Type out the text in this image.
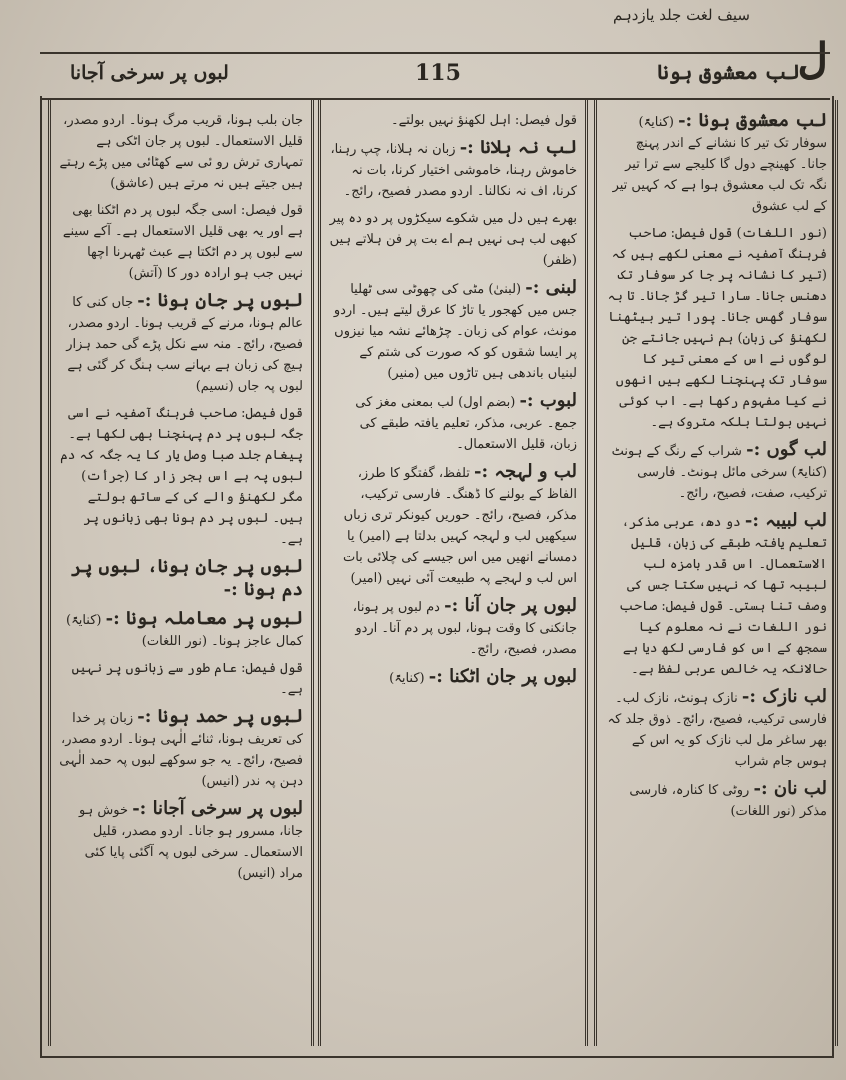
سیف لغت جلد یازدہم
ل
لب معشوق ہونا
115
لبوں پر سرخی آجانا

لب معشوق ہونا :- (کنایۃً) سوفار تک تیر کا نشانے کے اندر پہنچ جانا۔ کھینچے دول گا کلیجے سے ترا تیر نگہ تک لب معشوق ہوا ہے کہ کہیں تیر کے لب عشوق

(نور اللغات) قول فیصل: صاحب فرہنگ آصفیہ نے معنی لکھے ہیں کہ (تیر کا نشانہ پر جا کر سوفار تک دھنس جانا۔ سارا تیر گڑ جانا۔ تا بہ سوفار گھس جانا۔ پورا تیر بیٹھنا لکھنؤ کی زبان) ہم نہیں جانتے جن لوگوں نے اس کے معنی تیر کا سوفار تک پہنچنا لکھے ہیں انھوں نے کیا مفہوم رکھا ہے۔ اب کوئی نہیں بولتا بلکہ متروک ہے۔

لب گوں :- شراب کے رنگ کے ہونٹ (کنایۃً) سرخی مائل ہونٹ۔ فارسی ترکیب، صفت، فصیح، رائج۔

لب لبیبہ :- دو دھ، عربی مذکر، تعلیم یافتہ طبقے کی زبان، قلیل الاستعمال۔ اس قدر بامزہ لب لبیبہ تھا کہ نہیں سکتا جس کی وصف تنا ہستی۔ قول فیصل: صاحب نور اللغات نے نہ معلوم کیا سمجھ کے اس کو فارسی لکھ دیا ہے حالانکہ یہ خالص عربی لفظ ہے۔

لب نازک :- نازک ہونٹ، نازک لب۔ فارسی ترکیب، فصیح، رائج۔ ذوق جلد کہ بھر ساغر مل لب نازک کو یہ اس کے ہوس جام شراب

لب نان :- روٹی کا کنارہ، فارسی مذکر (نور اللغات)

قول فیصل: اہل لکھنؤ نہیں بولتے۔

لب نہ ہلانا :- زبان نہ ہلانا، چپ رہنا، خاموش رہنا، خاموشی اختیار کرنا، بات نہ کرنا، اف نہ نکالنا۔ اردو مصدر فصیح، رائج۔

بھرے ہیں دل میں شکوے سیکڑوں پر دو دہ پیر کبھی لب ہی نہیں ہم اے بت پر فن ہلاتے ہیں (ظفر)

لبنی :- (لبنیٰ) مٹی کی چھوٹی سی ٹھلیا جس میں کھجور یا تاڑ کا عرق لیتے ہیں۔ اردو مونث، عوام کی زبان۔ چڑھائے نشہ میا نیزوں پر ایسا شقوں کو کہ صورت کی شتم کے لبنیاں باندھی ہیں تاڑوں میں (منیر)

لبوب :- (بضم اول) لب بمعنی مغز کی جمع۔ عربی، مذکر، تعلیم یافتہ طبقے کی زبان، قلیل الاستعمال۔

لب و لہجہ :- تلفظ، گفتگو کا طرز، الفاظ کے بولنے کا ڈھنگ۔ فارسی ترکیب، مذکر، فصیح، رائج۔ حوریں کیونکر تری زباں سیکھیں لب و لہجہ کہیں بدلتا ہے (امیر) یا دمسانے انھیں میں اس جیسے کی چلائی بات اس لب و لہجے پہ طبیعت آئی نہیں (امیر)

لبوں پر جان آنا :- دم لبوں پر ہونا، جانکنی کا وقت ہونا، لبوں پر دم آنا۔ اردو مصدر، فصیح، رائج۔

لبوں پر جان اٹکنا :- (کنایۃً)

جان بلب ہونا، قریب مرگ ہونا۔ اردو مصدر، قلیل الاستعمال۔ لبوں پر جان اٹکی ہے تمہاری ترش رو ئی سے کھٹائی میں پڑے رہتے ہیں جیتے ہیں نہ مرتے ہیں (عاشق)

قول فیصل: اسی جگہ لبوں پر دم اٹکنا بھی ہے اور یہ بھی قلیل الاستعمال ہے۔ آکے سینے سے لبوں پر دم اٹکتا ہے عبث ٹھہرنا اچھا نہیں جب ہو ارادہ دور کا (آتش)

لبوں پر جان ہونا :- جاں کنی کا عالم ہونا، مرنے کے قریب ہونا۔ اردو مصدر، فصیح، رائج۔ منہ سے نکل پڑے گی حمد ہزار ہیچ کی زبان ہے بہانے سب ہنگ کر گئی ہے لبوں پہ جاں (نسیم)

قول فیصل: صاحب فرہنگ آصفیہ نے اسی جگہ لبوں پر دم پہنچنا بھی لکھا ہے۔ پیغام جلد صبا وصل یار کا یہ جگہ کہ دم لبوں پہ ہے اس ہجر زار کا (جرأت) مگر لکھنؤ والے کی کے ساتھ بولتے ہیں۔ لبوں پر دم ہونا بھی زبانوں پر ہے۔

لبوں پر جان ہونا، لبوں پر دم ہونا :-

لبوں پر معاملہ ہونا :- (کنایۃً) کمال عاجز ہونا۔ (نور اللغات)

قول فیصل: عام طور سے زبانوں پر نہیں ہے۔

لبوں پر حمد ہونا :- زبان پر خدا کی تعریف ہونا، ثنائے الٰہی ہونا۔ اردو مصدر، فصیح، رائج۔ یہ جو سوکھے لبوں پہ حمد الٰہی دہن پہ ندر (انیس)

لبوں پر سرخی آجانا :- خوش ہو جانا، مسرور ہو جانا۔ اردو مصدر، قلیل الاستعمال۔ سرخی لبوں پہ آگئی پایا کئی مراد (انیس)
